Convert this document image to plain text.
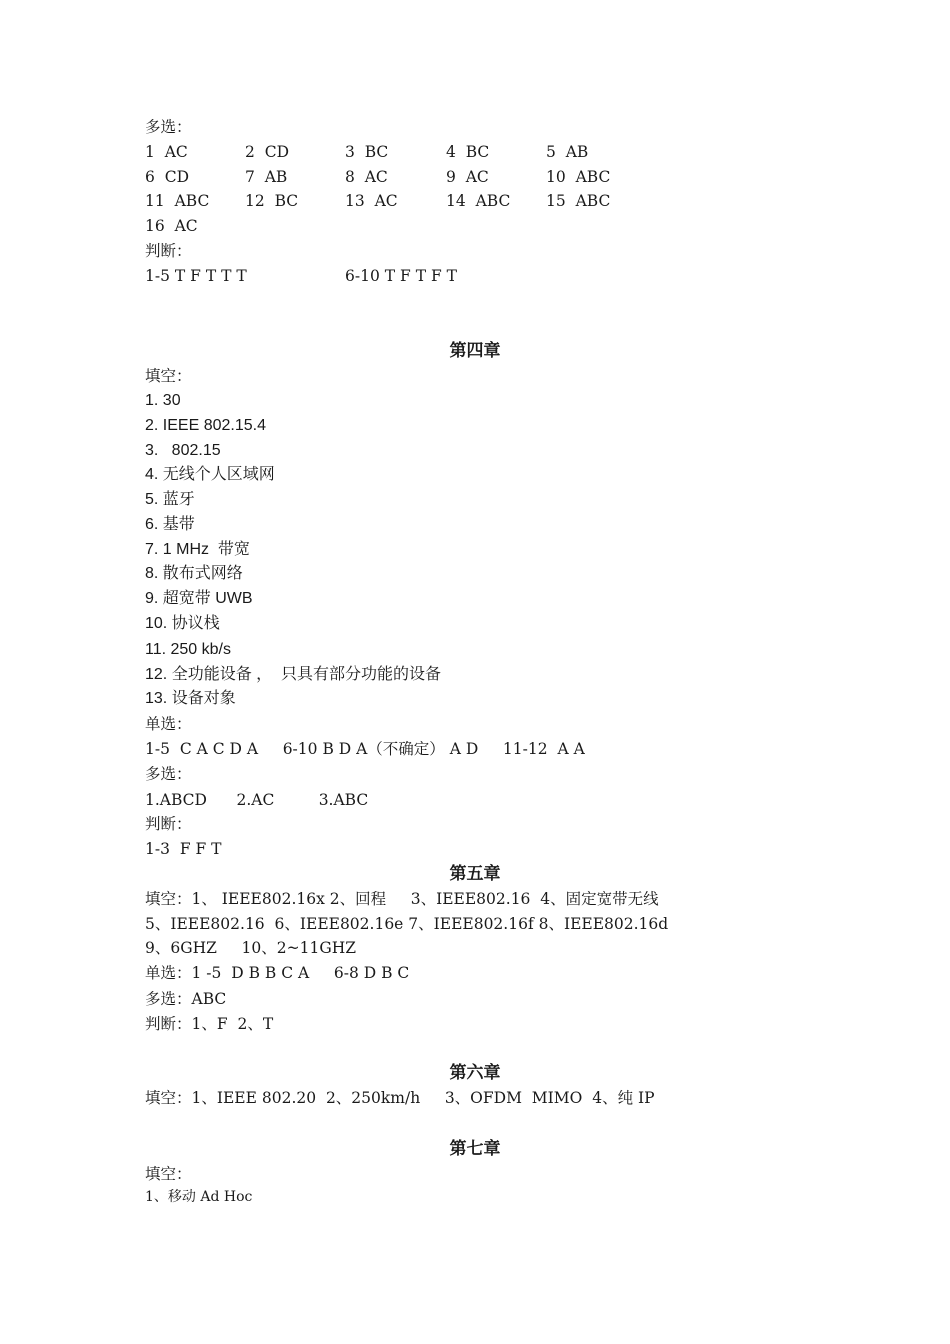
多选：
1  AC	2  CD	3  BC	4  BC	5  AB
6  CD	7  AB	8  AC	9  AC	10  ABC
11  ABC 12  BC	13  AC	14  ABC 15  ABC
16  AC
判断：
1-5 T F T T T	6-10 T F T F T
第四章
填空：
1. 30
2. IEEE 802.15.4
3.   802.15
4. 无线个人区域网
5. 蓝牙
6. 基带
7. 1 MHz  带宽
8. 散布式网络
9. 超宽带 UWB
10. 协议栈
11. 250 kb/s
12. 全功能设备 ，  只具有部分功能的设备
13. 设备对象
单选：
1-5  C A C D A     6-10 B D A（不确定） A D     11-12  A A
多选：
1.ABCD      2.AC         3.ABC
判断：
1-3  F F T
第五章
填空：1、 IEEE802.16x 2、回程     3、IEEE802.16  4、固定宽带无线
5、IEEE802.16  6、IEEE802.16e 7、IEEE802.16f 8、IEEE802.16d
9、6GHZ     10、2~11GHZ
单选：1 -5  D B B C A     6-8 D B C
多选：ABC
判断：1、F  2、T
第六章
填空：1、IEEE 802.20  2、250km/h     3、OFDM  MIMO  4、纯 IP
第七章
填空：
1、移动 Ad Hoc
